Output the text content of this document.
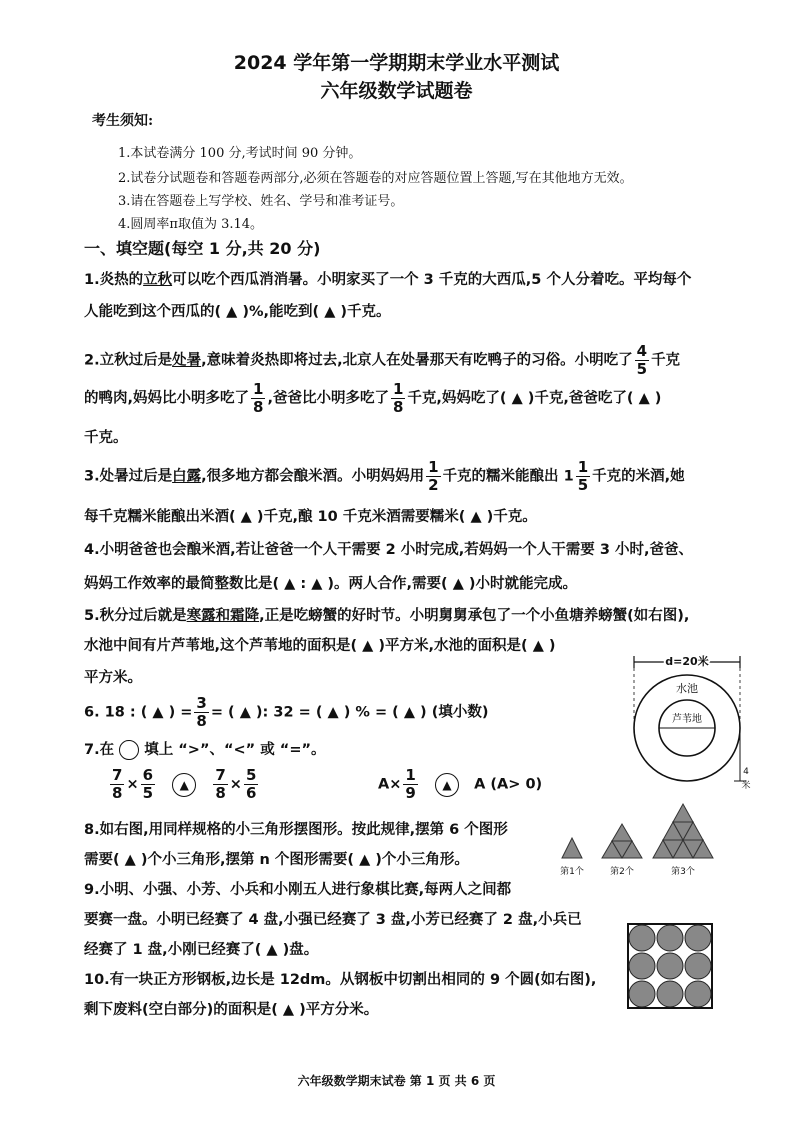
2024 学年第一学期期末学业水平测试
六年级数学试题卷
考生须知:
1.本试卷满分 100 分,考试时间 90 分钟。
2.试卷分试题卷和答题卷两部分,必须在答题卷的对应答题位置上答题,写在其他地方无效。
3.请在答题卷上写学校、姓名、学号和准考证号。
4.圆周率π取值为 3.14。
一、填空题(每空 1 分,共 20 分)
1.炎热的立秋可以吃个西瓜消消暑。小明家买了一个 3 千克的大西瓜,5 个人分着吃。平均每个
人能吃到这个西瓜的( ▲ )%,能吃到( ▲ )千克。
2.立秋过后是处暑,意味着炎热即将过去,北京人在处暑那天有吃鸭子的习俗。小明吃了 $\frac{4}{5}$ 千克
的鸭肉,妈妈比小明多吃了 $\frac{1}{8}$ ,爸爸比小明多吃了 $\frac{1}{8}$ 千克,妈妈吃了( ▲ )千克,爸爸吃了( ▲ )
千克。
3.处暑过后是白露,很多地方都会酿米酒。小明妈妈用 $\frac{1}{2}$ 千克的糯米能酿出 $1 \frac{1}{5}$ 千克的米酒,她
每千克糯米能酿出米酒( ▲ )千克,酿 10 千克米酒需要糯米( ▲ )千克。
4.小明爸爸也会酿米酒,若让爸爸一个人干需要 2 小时完成,若妈妈一个人干需要 3 小时,爸爸、
妈妈工作效率的最简整数比是( ▲ : ▲ )。两人合作,需要( ▲ )小时就能完成。
5.秋分过后就是寒露和霜降,正是吃螃蟹的好时节。小明舅舅承包了一个小鱼塘养螃蟹(如右图),
水池中间有片芦苇地,这个芦苇地的面积是( ▲ )平方米,水池的面积是( ▲ )
平方米。
d=20米
水池
芦苇地
4
米
6. 18 : ( ▲ ) = $\frac{3}{8}$ = ( ▲ ): 32 = ( ▲ ) % = ( ▲ ) (填小数)
7.在 填上 “>”、“<” 或 “=”。
$\frac{7}{8} \times \frac{6}{5}$ ▲ $\frac{7}{8} \times \frac{5}{6}$	$A\times \frac{1}{9}$ ▲ A (A> 0)
8.如右图,用同样规格的小三角形摆图形。按此规律,摆第 6 个图形
需要( ▲ )个小三角形,摆第 n 个图形需要( ▲ )个小三角形。
第1个	第2个	第3个
9.小明、小强、小芳、小兵和小刚五人进行象棋比赛,每两人之间都
要赛一盘。小明已经赛了 4 盘,小强已经赛了 3 盘,小芳已经赛了 2 盘,小兵已
经赛了 1 盘,小刚已经赛了( ▲ )盘。
10.有一块正方形钢板,边长是 12dm。从钢板中切割出相同的 9 个圆(如右图),
剩下废料(空白部分)的面积是( ▲ )平方分米。
六年级数学期末试卷 第 1 页 共 6 页
